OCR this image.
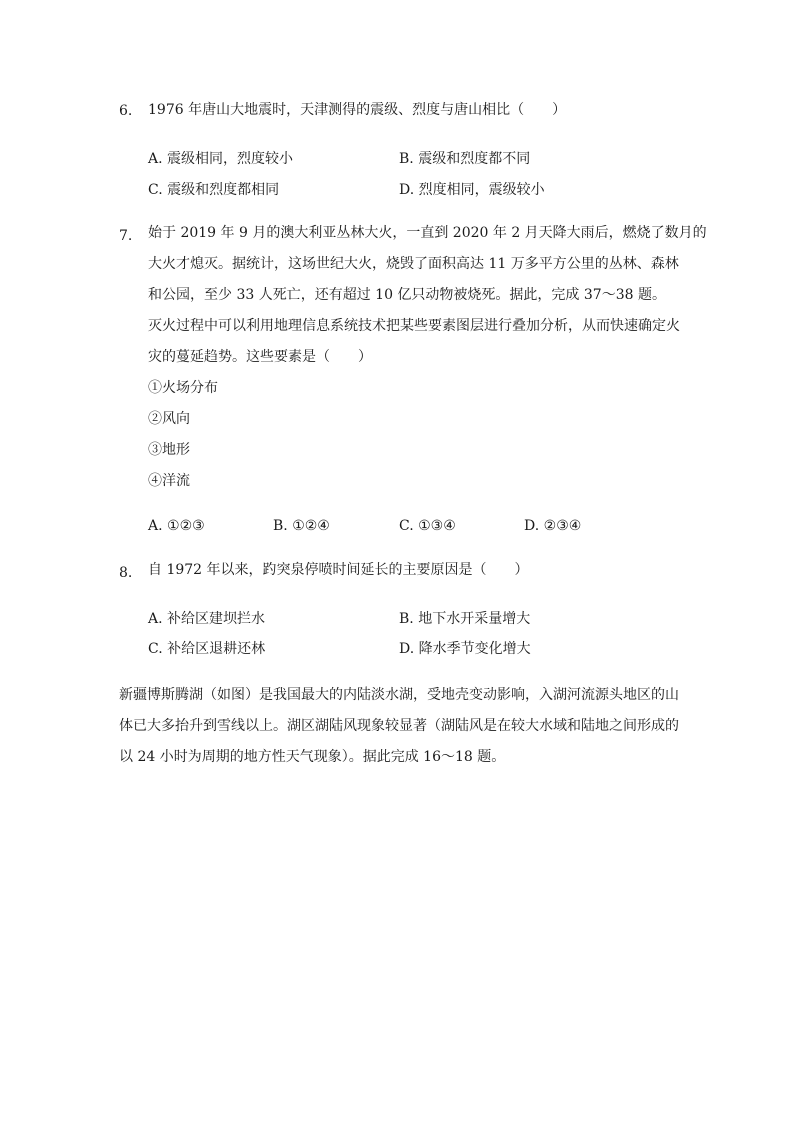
6. 1976 年唐山大地震时，天津测得的震级、烈度与唐山相比（　　）
A. 震级相同，烈度较小	B. 震级和烈度都不同
C. 震级和烈度都相同	D. 烈度相同，震级较小
7. 始于 2019 年 9 月的澳大利亚丛林大火，一直到 2020 年 2 月天降大雨后，燃烧了数月的
大火才熄灭。据统计，这场世纪大火，烧毁了面积高达 11 万多平方公里的丛林、森林
和公园，至少 33 人死亡，还有超过 10 亿只动物被烧死。据此，完成 37～38 题。
灭火过程中可以利用地理信息系统技术把某些要素图层进行叠加分析，从而快速确定火
灾的蔓延趋势。这些要素是（　　）
①火场分布
②风向
③地形
④洋流
A. ①②③	B. ①②④	C. ①③④	D. ②③④
8. 自 1972 年以来，趵突泉停喷时间延长的主要原因是（　　）
A. 补给区建坝拦水	B. 地下水开采量增大
C. 补给区退耕还林	D. 降水季节变化增大
新疆博斯腾湖（如图）是我国最大的内陆淡水湖，受地壳变动影响，入湖河流源头地区的山
体已大多抬升到雪线以上。湖区湖陆风现象较显著（湖陆风是在较大水域和陆地之间形成的
以 24 小时为周期的地方性天气现象）。据此完成 16～18 题。
